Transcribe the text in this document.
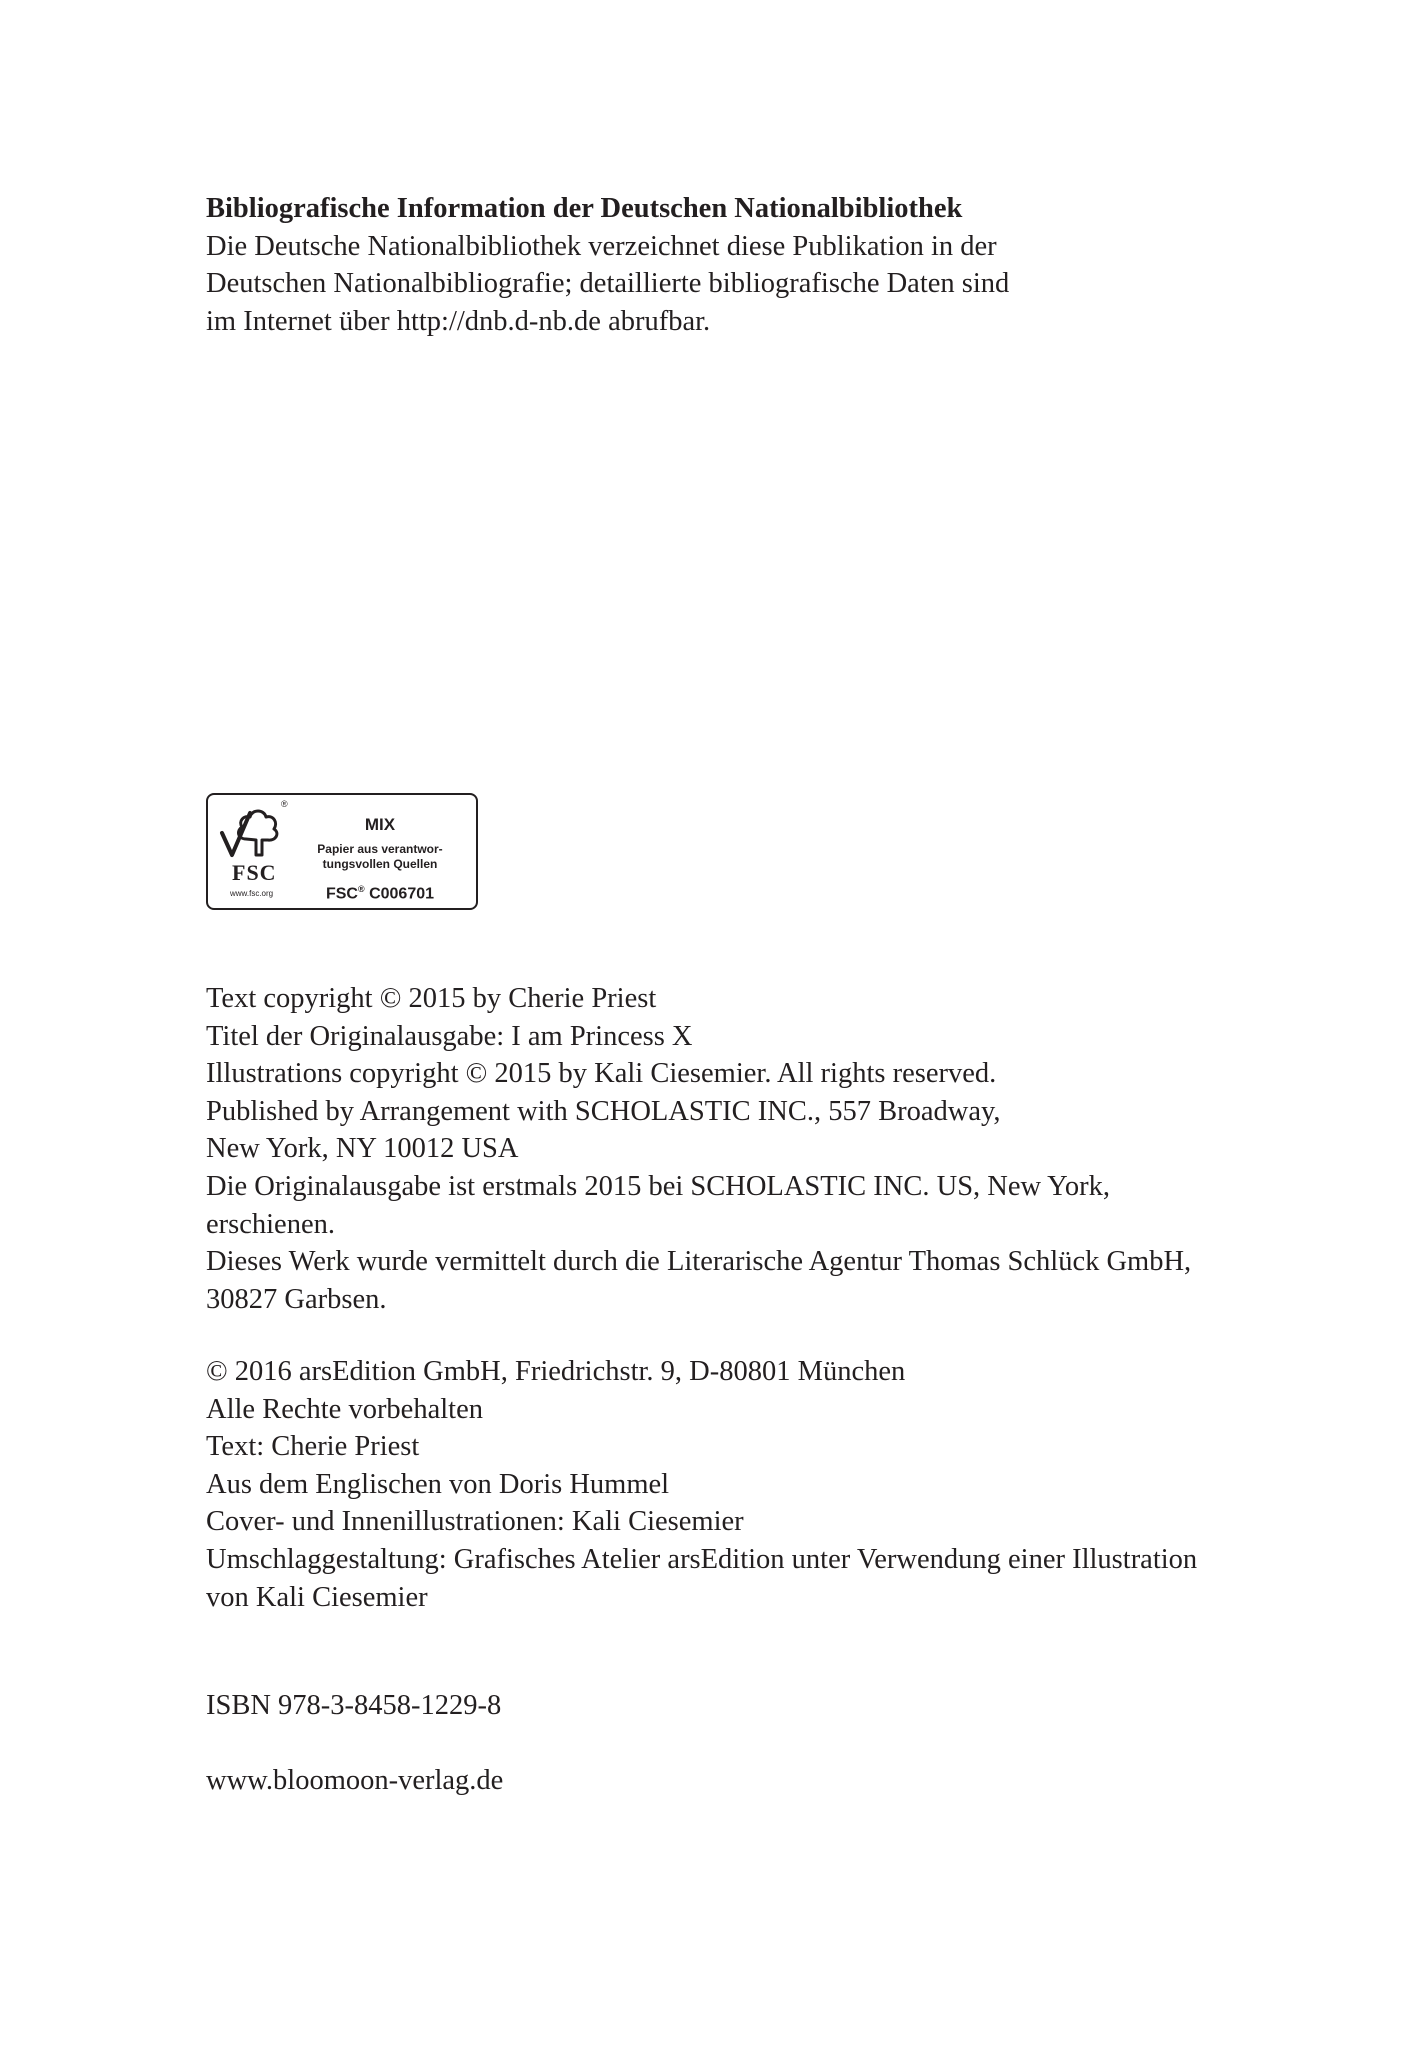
Bibliografische Information der Deutschen Nationalbibliothek
Die Deutsche Nationalbibliothek verzeichnet diese Publikation in der
Deutschen Nationalbibliografie; detaillierte bibliografische Daten sind
im Internet über http://dnb.d-nb.de abrufbar.
®
FSC
www.fsc.org
MIX
Papier aus verantwor-
tungsvollen Quellen
FSC® C006701
Text copyright © 2015 by Cherie Priest
Titel der Originalausgabe: I am Princess X
Illustrations copyright © 2015 by Kali Ciesemier. All rights reserved.
Published by Arrangement with SCHOLASTIC INC., 557 Broadway,
New York, NY 10012 USA
Die Originalausgabe ist erstmals 2015 bei SCHOLASTIC INC. US, New York,
erschienen.
Dieses Werk wurde vermittelt durch die Literarische Agentur Thomas Schlück GmbH,
30827 Garbsen.
© 2016 arsEdition GmbH, Friedrichstr. 9, D-80801 München
Alle Rechte vorbehalten
Text: Cherie Priest
Aus dem Englischen von Doris Hummel
Cover- und Innenillustrationen: Kali Ciesemier
Umschlaggestaltung: Grafisches Atelier arsEdition unter Verwendung einer Illustration
von Kali Ciesemier
ISBN 978-3-8458-1229-8
www.bloomoon-verlag.de
